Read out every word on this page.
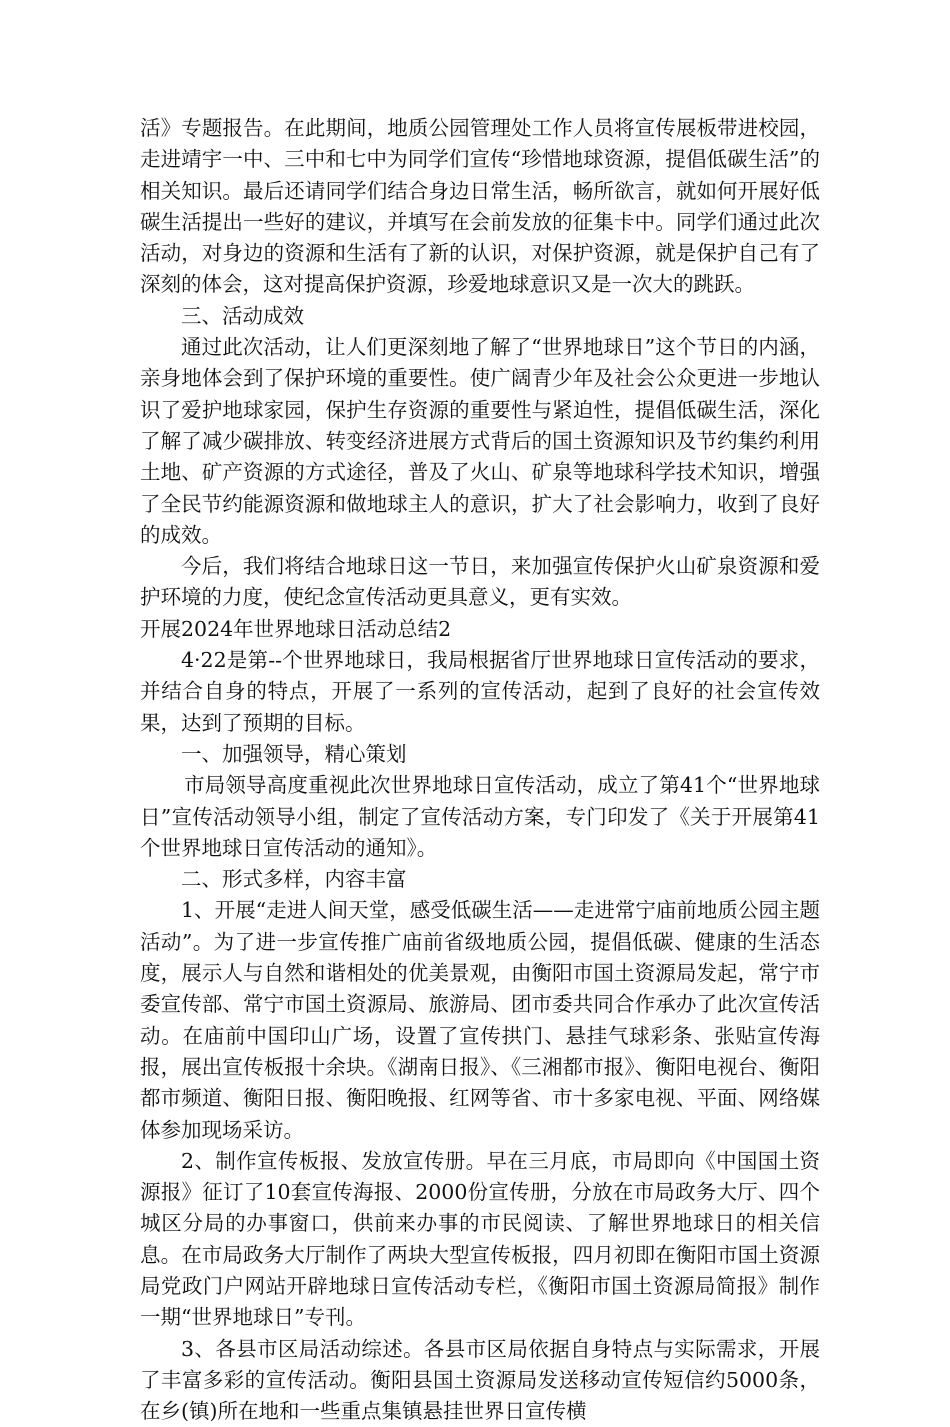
活》专题报告。在此期间，地质公园管理处工作人员将宣传展板带进校园，走进靖宇一中、三中和七中为同学们宣传“珍惜地球资源，提倡低碳生活”的相关知识。最后还请同学们结合身边日常生活，畅所欲言，就如何开展好低碳生活提出一些好的建议，并填写在会前发放的征集卡中。同学们通过此次活动，对身边的资源和生活有了新的认识，对保护资源，就是保护自己有了深刻的体会，这对提高保护资源，珍爱地球意识又是一次大的跳跃。

三、活动成效

通过此次活动，让人们更深刻地了解了“世界地球日”这个节日的内涵，亲身地体会到了保护环境的重要性。使广阔青少年及社会公众更进一步地认识了爱护地球家园，保护生存资源的重要性与紧迫性，提倡低碳生活，深化了解了减少碳排放、转变经济进展方式背后的国土资源知识及节约集约利用土地、矿产资源的方式途径，普及了火山、矿泉等地球科学技术知识，增强了全民节约能源资源和做地球主人的意识，扩大了社会影响力，收到了良好的成效。

今后，我们将结合地球日这一节日，来加强宣传保护火山矿泉资源和爱护环境的力度，使纪念宣传活动更具意义，更有实效。

开展2024年世界地球日活动总结2

4·22是第--个世界地球日，我局根据省厅世界地球日宣传活动的要求，并结合自身的特点，开展了一系列的宣传活动，起到了良好的社会宣传效果，达到了预期的目标。

一、加强领导，精心策划

市局领导高度重视此次世界地球日宣传活动，成立了第41个“世界地球日”宣传活动领导小组，制定了宣传活动方案，专门印发了《关于开展第41个世界地球日宣传活动的通知》。

二、形式多样，内容丰富

1、开展“走进人间天堂，感受低碳生活——走进常宁庙前地质公园主题活动”。为了进一步宣传推广庙前省级地质公园，提倡低碳、健康的生活态度，展示人与自然和谐相处的优美景观，由衡阳市国土资源局发起，常宁市委宣传部、常宁市国土资源局、旅游局、团市委共同合作承办了此次宣传活动。在庙前中国印山广场，设置了宣传拱门、悬挂气球彩条、张贴宣传海报，展出宣传板报十余块。《湖南日报》、《三湘都市报》、衡阳电视台、衡阳都市频道、衡阳日报、衡阳晚报、红网等省、市十多家电视、平面、网络媒体参加现场采访。

2、制作宣传板报、发放宣传册。早在三月底，市局即向《中国国土资源报》征订了10套宣传海报、2000份宣传册，分放在市局政务大厅、四个城区分局的办事窗口，供前来办事的市民阅读、了解世界地球日的相关信息。在市局政务大厅制作了两块大型宣传板报，四月初即在衡阳市国土资源局党政门户网站开辟地球日宣传活动专栏，《衡阳市国土资源局简报》制作一期“世界地球日”专刊。

3、各县市区局活动综述。各县市区局依据自身特点与实际需求，开展了丰富多彩的宣传活动。衡阳县国土资源局发送移动宣传短信约5000条，在乡(镇)所在地和一些重点集镇悬挂世界日宣传横
